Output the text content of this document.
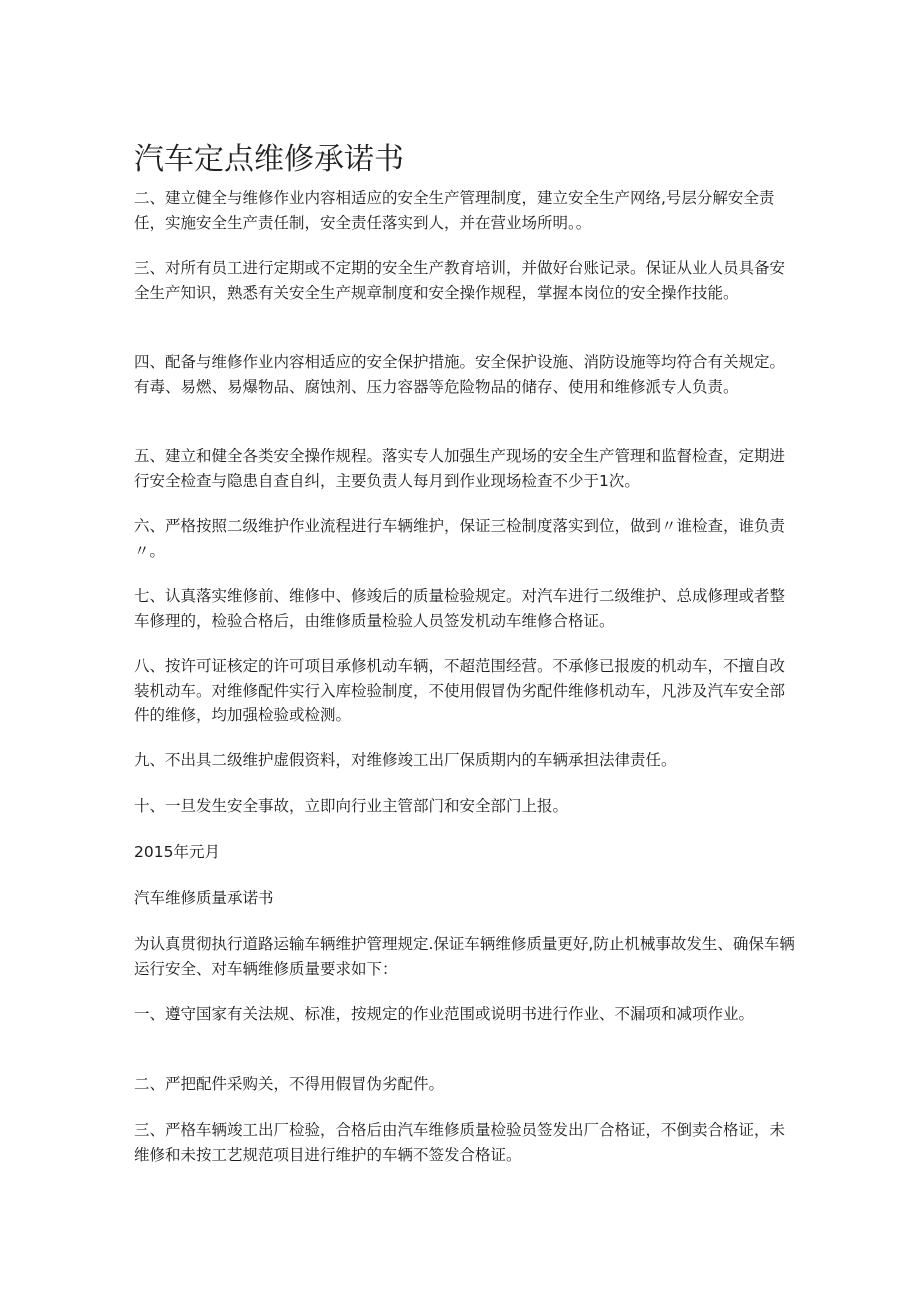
汽车定点维修承诺书

二、建立健全与维修作业内容相适应的安全生产管理制度，建立安全生产网络,号层分解安全责任，实施安全生产责任制，安全责任落实到人，并在营业场所明。。

三、对所有员工进行定期或不定期的安全生产教育培训，并做好台账记录。保证从业人员具备安全生产知识，熟悉有关安全生产规章制度和安全操作规程，掌握本岗位的安全操作技能。

四、配备与维修作业内容相适应的安全保护措施。安全保护设施、消防设施等均符合有关规定。有毒、易燃、易爆物品、腐蚀剂、压力容器等危险物品的储存、使用和维修派专人负责。

五、建立和健全各类安全操作规程。落实专人加强生产现场的安全生产管理和监督检查，定期进行安全检查与隐患自查自纠，主要负责人每月到作业现场检查不少于1次。

六、严格按照二级维护作业流程进行车辆维护，保证三检制度落实到位，做到〃谁检查，谁负责〃。

七、认真落实维修前、维修中、修竣后的质量检验规定。对汽车进行二级维护、总成修理或者整车修理的，检验合格后，由维修质量检验人员签发机动车维修合格证。

八、按许可证核定的许可项目承修机动车辆，不超范围经营。不承修已报废的机动车，不擅自改装机动车。对维修配件实行入库检验制度，不使用假冒伪劣配件维修机动车，凡涉及汽车安全部件的维修，均加强检验或检测。

九、不出具二级维护虚假资料，对维修竣工出厂保质期内的车辆承担法律责任。

十、一旦发生安全事故，立即向行业主管部门和安全部门上报。

2015年元月

汽车维修质量承诺书

为认真贯彻执行道路运输车辆维护管理规定.保证车辆维修质量更好,防止机械事故发生、确保车辆运行安全、对车辆维修质量要求如下：

一、遵守国家有关法规、标准，按规定的作业范围或说明书进行作业、不漏项和减项作业。

二、严把配件采购关，不得用假冒伪劣配件。

三、严格车辆竣工出厂检验，合格后由汽车维修质量检验员签发出厂合格证，不倒卖合格证，未维修和未按工艺规范项目进行维护的车辆不签发合格证。
